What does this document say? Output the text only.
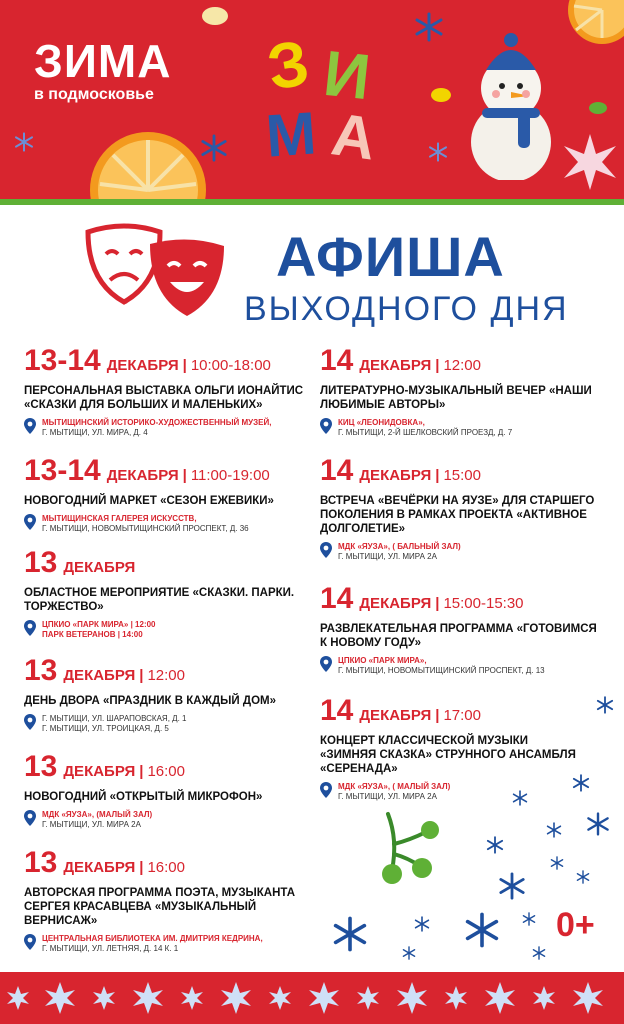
ЗИМА
в подмосковье З И
М А
АФИША
ВЫХОДНОГО ДНЯ
13-14 ДЕКАБРЯ | 10:00-18:00
ПЕРСОНАЛЬНАЯ ВЫСТАВКА ОЛЬГИ ИОНАЙТИС
«СКАЗКИ ДЛЯ БОЛЬШИХ И МАЛЕНЬКИХ»
МЫТИЩИНСКИЙ ИСТОРИКО-ХУДОЖЕСТВЕННЫЙ МУЗЕЙ,
Г. МЫТИЩИ, УЛ. МИРА, Д. 4
13-14 ДЕКАБРЯ | 11:00-19:00
НОВОГОДНИЙ МАРКЕТ «СЕЗОН ЕЖЕВИКИ»
МЫТИЩИНСКАЯ ГАЛЕРЕЯ ИСКУССТВ,
Г. МЫТИЩИ, НОВОМЫТИЩИНСКИЙ ПРОСПЕКТ, Д. 36
13 ДЕКАБРЯ
ОБЛАСТНОЕ МЕРОПРИЯТИЕ «СКАЗКИ. ПАРКИ.
ТОРЖЕСТВО»
ЦПКИО «ПАРК МИРА» | 12:00
ПАРК ВЕТЕРАНОВ | 14:00
13 ДЕКАБРЯ | 12:00
ДЕНЬ ДВОРА «ПРАЗДНИК В КАЖДЫЙ ДОМ»
Г. МЫТИЩИ, УЛ. ШАРАПОВСКАЯ, Д. 1
Г. МЫТИЩИ, УЛ. ТРОИЦКАЯ, Д. 5
13 ДЕКАБРЯ | 16:00
НОВОГОДНИЙ «ОТКРЫТЫЙ МИКРОФОН»
МДК «ЯУЗА», (МАЛЫЙ ЗАЛ)
Г. МЫТИЩИ, УЛ. МИРА 2А
13 ДЕКАБРЯ | 16:00
АВТОРСКАЯ ПРОГРАММА ПОЭТА, МУЗЫКАНТА
СЕРГЕЯ КРАСАВЦЕВА «МУЗЫКАЛЬНЫЙ
ВЕРНИСАЖ»
ЦЕНТРАЛЬНАЯ БИБЛИОТЕКА ИМ. ДМИТРИЯ КЕДРИНА,
Г. МЫТИЩИ, УЛ. ЛЕТНЯЯ, Д. 14 К. 1
14 ДЕКАБРЯ | 12:00
ЛИТЕРАТУРНО-МУЗЫКАЛЬНЫЙ ВЕЧЕР «НАШИ
ЛЮБИМЫЕ АВТОРЫ»
КИЦ «ЛЕОНИДОВКА»,
Г. МЫТИЩИ, 2-Й ШЕЛКОВСКИЙ ПРОЕЗД, Д. 7
14 ДЕКАБРЯ | 15:00
ВСТРЕЧА «ВЕЧЁРКИ НА ЯУЗЕ» ДЛЯ СТАРШЕГО
ПОКОЛЕНИЯ В РАМКАХ ПРОЕКТА «АКТИВНОЕ
ДОЛГОЛЕТИЕ»
МДК «ЯУЗА», ( БАЛЬНЫЙ ЗАЛ)
Г. МЫТИЩИ, УЛ. МИРА 2А
14 ДЕКАБРЯ | 15:00-15:30
РАЗВЛЕКАТЕЛЬНАЯ ПРОГРАММА «ГОТОВИМСЯ
К НОВОМУ ГОДУ»
ЦПКИО «ПАРК МИРА»,
Г. МЫТИЩИ, НОВОМЫТИЩИНСКИЙ ПРОСПЕКТ, Д. 13
14 ДЕКАБРЯ | 17:00
КОНЦЕРТ КЛАССИЧЕСКОЙ МУЗЫКИ
«ЗИМНЯЯ СКАЗКА» СТРУННОГО АНСАМБЛЯ
«СЕРЕНАДА»
МДК «ЯУЗА», ( МАЛЫЙ ЗАЛ)
Г. МЫТИЩИ, УЛ. МИРА 2А
0+
